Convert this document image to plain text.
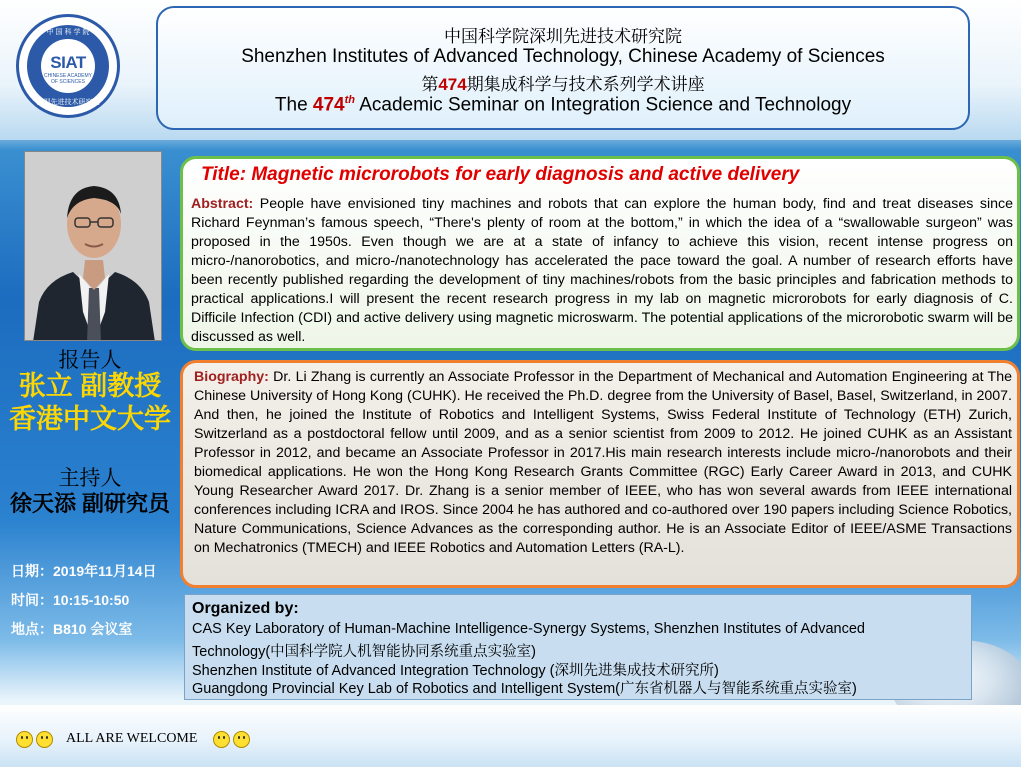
中 国 科 学 院
SIAT
CHINESE ACADEMY OF SCIENCES
深圳先进技术研究院
中国科学院深圳先进技术研究院
Shenzhen Institutes of Advanced Technology, Chinese Academy of Sciences
第474期集成科学与技术系列学术讲座
The 474th Academic Seminar on Integration Science and Technology
报告人
张立 副教授
香港中文大学
主持人
徐天添 副研究员
日期：2019年11月14日
时间：10:15-10:50
地点：B810 会议室
Title: Magnetic microrobots for early diagnosis and active delivery
Abstract: People have envisioned tiny machines and robots that can explore the human body, find and treat diseases since Richard Feynman’s famous speech, “There's plenty of room at the bottom,” in which the idea of a “swallowable surgeon” was proposed in the 1950s. Even though we are at a state of infancy to achieve this vision, recent intense progress on micro-/nanorobotics, and micro-/nanotechnology has accelerated the pace toward the goal. A number of research efforts have been recently published regarding the development of tiny machines/robots from the basic principles and fabrication methods to practical applications.I will present the recent research progress in my lab on magnetic microrobots for early diagnosis of C. Difficile Infection (CDI) and active delivery using magnetic microswarm. The potential applications of the microrobotic swarm will be discussed as well.
Biography: Dr. Li Zhang is currently an Associate Professor in the Department of Mechanical and Automation Engineering at The Chinese University of Hong Kong (CUHK). He received the Ph.D. degree from the University of Basel, Basel, Switzerland, in 2007. And then, he joined the Institute of Robotics and Intelligent Systems, Swiss Federal Institute of Technology (ETH) Zurich, Switzerland as a postdoctoral fellow until 2009, and as a senior scientist from 2009 to 2012. He joined CUHK as an Assistant Professor in 2012, and became an Associate Professor in 2017.His main research interests include micro-/nanorobots and their biomedical applications. He won the Hong Kong Research Grants Committee (RGC) Early Career Award in 2013, and CUHK Young Researcher Award 2017. Dr. Zhang is a senior member of IEEE, who has won several awards from IEEE international conferences including ICRA and IROS. Since 2004 he has authored and co-authored over 190 papers including Science Robotics, Nature Communications, Science Advances as the corresponding author. He is an Associate Editor of IEEE/ASME Transactions on Mechatronics (TMECH) and IEEE Robotics and Automation Letters (RA-L).
Organized by:
CAS Key Laboratory of Human-Machine Intelligence-Synergy Systems, Shenzhen Institutes of Advanced
Technology(中国科学院人机智能协同系统重点实验室)
Shenzhen Institute of Advanced Integration Technology (深圳先进集成技术研究所)
Guangdong Provincial Key Lab of Robotics and Intelligent System(广东省机器人与智能系统重点实验室)
ALL ARE WELCOME
